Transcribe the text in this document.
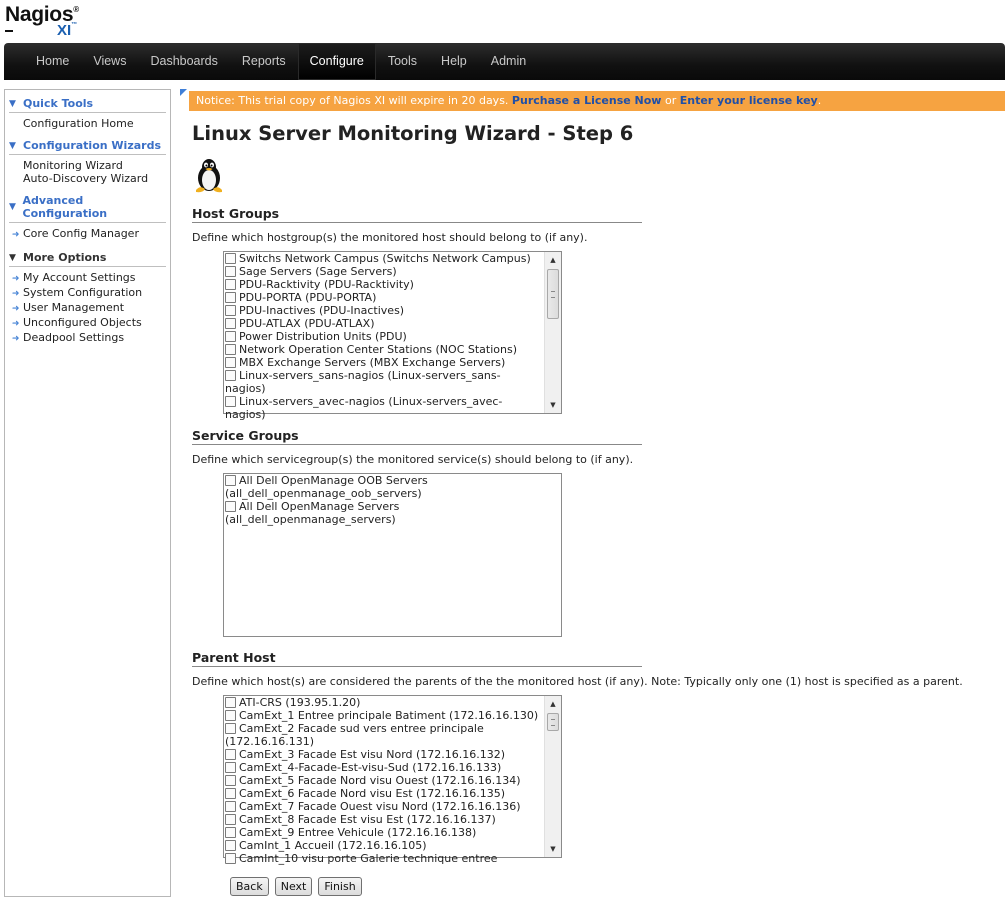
Nagios®
XI™
Home	Views	Dashboards	Reports	Configure	Tools	Help	Admin
▼ Quick Tools
Configuration Home
▼ Configuration Wizards
Monitoring Wizard
Auto-Discovery Wizard
▼ Advanced Configuration
➜ Core Config Manager
▼ More Options
➜ My Account Settings
➜ System Configuration
➜ User Management
➜ Unconfigured Objects
➜ Deadpool Settings
Notice: This trial copy of Nagios XI will expire in 20 days. Purchase a License Now or Enter your license key.
Linux Server Monitoring Wizard - Step 6
Host Groups
Define which hostgroup(s) the monitored host should belong to (if any).
Switchs Network Campus (Switchs Network Campus)
Sage Servers (Sage Servers)
PDU-Racktivity (PDU-Racktivity)
PDU-PORTA (PDU-PORTA)
PDU-Inactives (PDU-Inactives)
PDU-ATLAX (PDU-ATLAX)
Power Distribution Units (PDU)
Network Operation Center Stations (NOC Stations)
MBX Exchange Servers (MBX Exchange Servers)
Linux-servers_sans-nagios (Linux-servers_sans-
nagios)
Linux-servers_avec-nagios (Linux-servers_avec-
nagios)
▲
▼
Service Groups
Define which servicegroup(s) the monitored service(s) should belong to (if any).
All Dell OpenManage OOB Servers
(all_dell_openmanage_oob_servers)
All Dell OpenManage Servers
(all_dell_openmanage_servers)
Parent Host
Define which host(s) are considered the parents of the the monitored host (if any). Note: Typically only one (1) host is specified as a parent.
ATI-CRS (193.95.1.20)
CamExt_1 Entree principale Batiment (172.16.16.130)
CamExt_2 Facade sud vers entree principale
(172.16.16.131)
CamExt_3 Facade Est visu Nord (172.16.16.132)
CamExt_4-Facade-Est-visu-Sud (172.16.16.133)
CamExt_5 Facade Nord visu Ouest (172.16.16.134)
CamExt_6 Facade Nord visu Est (172.16.16.135)
CamExt_7 Facade Ouest visu Nord (172.16.16.136)
CamExt_8 Facade Est visu Est (172.16.16.137)
CamExt_9 Entree Vehicule (172.16.16.138)
CamInt_1 Accueil (172.16.16.105)
CamInt_10 visu porte Galerie technique entree
▲
▼
Back	Next	Finish
